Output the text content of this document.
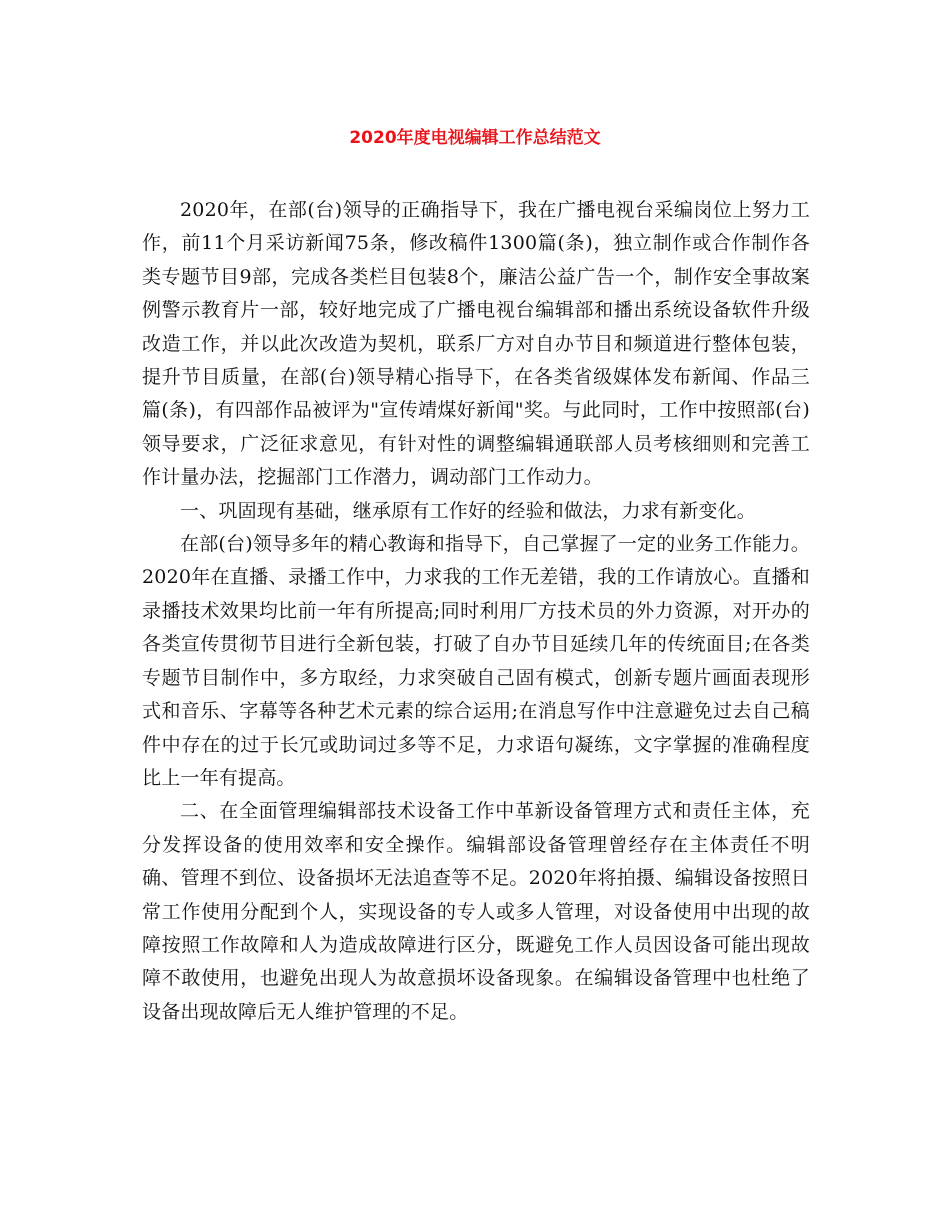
2020年度电视编辑工作总结范文

2020年，在部(台)领导的正确指导下，我在广播电视台采编岗位上努力工作，前11个月采访新闻75条，修改稿件1300篇(条)，独立制作或合作制作各类专题节目9部，完成各类栏目包装8个，廉洁公益广告一个，制作安全事故案例警示教育片一部，较好地完成了广播电视台编辑部和播出系统设备软件升级改造工作，并以此次改造为契机，联系厂方对自办节目和频道进行整体包装，提升节目质量，在部(台)领导精心指导下，在各类省级媒体发布新闻、作品三篇(条)，有四部作品被评为"宣传靖煤好新闻"奖。与此同时，工作中按照部(台)领导要求，广泛征求意见，有针对性的调整编辑通联部人员考核细则和完善工作计量办法，挖掘部门工作潜力，调动部门工作动力。

一、巩固现有基础，继承原有工作好的经验和做法，力求有新变化。

在部(台)领导多年的精心教诲和指导下，自己掌握了一定的业务工作能力。2020年在直播、录播工作中，力求我的工作无差错，我的工作请放心。直播和录播技术效果均比前一年有所提高;同时利用厂方技术员的外力资源，对开办的各类宣传贯彻节目进行全新包装，打破了自办节目延续几年的传统面目;在各类专题节目制作中，多方取经，力求突破自己固有模式，创新专题片画面表现形式和音乐、字幕等各种艺术元素的综合运用;在消息写作中注意避免过去自己稿件中存在的过于长冗或助词过多等不足，力求语句凝练，文字掌握的准确程度比上一年有提高。

二、在全面管理编辑部技术设备工作中革新设备管理方式和责任主体，充分发挥设备的使用效率和安全操作。编辑部设备管理曾经存在主体责任不明确、管理不到位、设备损坏无法追查等不足。2020年将拍摄、编辑设备按照日常工作使用分配到个人，实现设备的专人或多人管理，对设备使用中出现的故障按照工作故障和人为造成故障进行区分，既避免工作人员因设备可能出现故障不敢使用，也避免出现人为故意损坏设备现象。在编辑设备管理中也杜绝了设备出现故障后无人维护管理的不足。
